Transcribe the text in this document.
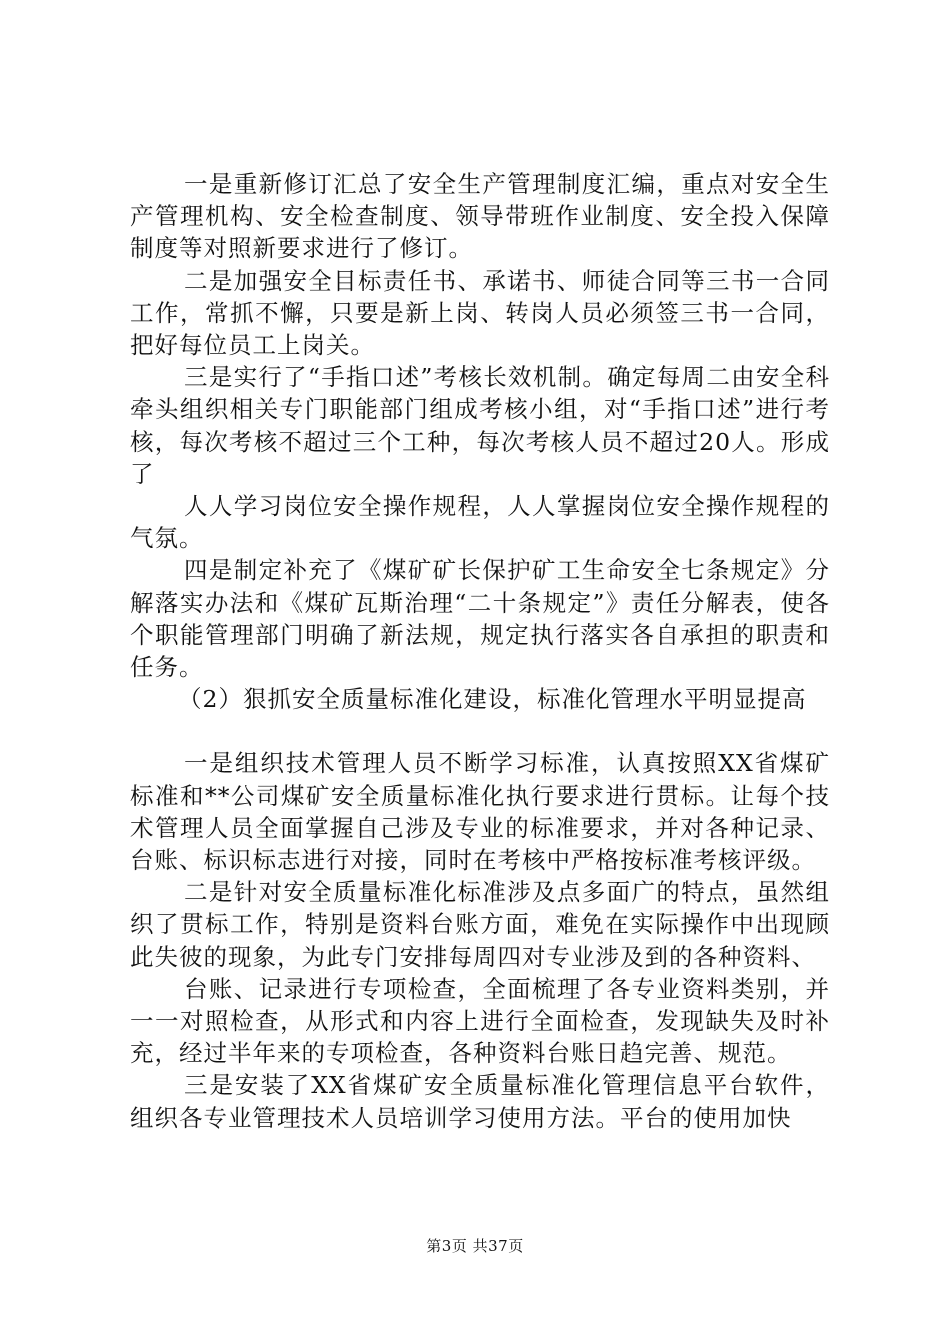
一是重新修订汇总了安全生产管理制度汇编，重点对安全生产管理机构、安全检查制度、领导带班作业制度、安全投入保障制度等对照新要求进行了修订。

二是加强安全目标责任书、承诺书、师徒合同等三书一合同工作，常抓不懈，只要是新上岗、转岗人员必须签三书一合同，把好每位员工上岗关。

三是实行了“手指口述”考核长效机制。确定每周二由安全科牵头组织相关专门职能部门组成考核小组，对“手指口述”进行考核，每次考核不超过三个工种，每次考核人员不超过20人。形成了

人人学习岗位安全操作规程，人人掌握岗位安全操作规程的气氛。

四是制定补充了《煤矿矿长保护矿工生命安全七条规定》分解落实办法和《煤矿瓦斯治理“二十条规定”》责任分解表，使各个职能管理部门明确了新法规，规定执行落实各自承担的职责和任务。

（2）狠抓安全质量标准化建设，标准化管理水平明显提高

一是组织技术管理人员不断学习标准，认真按照XX省煤矿标准和**公司煤矿安全质量标准化执行要求进行贯标。让每个技术管理人员全面掌握自己涉及专业的标准要求，并对各种记录、台账、标识标志进行对接，同时在考核中严格按标准考核评级。

二是针对安全质量标准化标准涉及点多面广的特点，虽然组织了贯标工作，特别是资料台账方面，难免在实际操作中出现顾此失彼的现象，为此专门安排每周四对专业涉及到的各种资料、

台账、记录进行专项检查，全面梳理了各专业资料类别，并一一对照检查，从形式和内容上进行全面检查，发现缺失及时补充，经过半年来的专项检查，各种资料台账日趋完善、规范。

三是安装了XX省煤矿安全质量标准化管理信息平台软件，组织各专业管理技术人员培训学习使用方法。平台的使用加快

第3页 共37页
